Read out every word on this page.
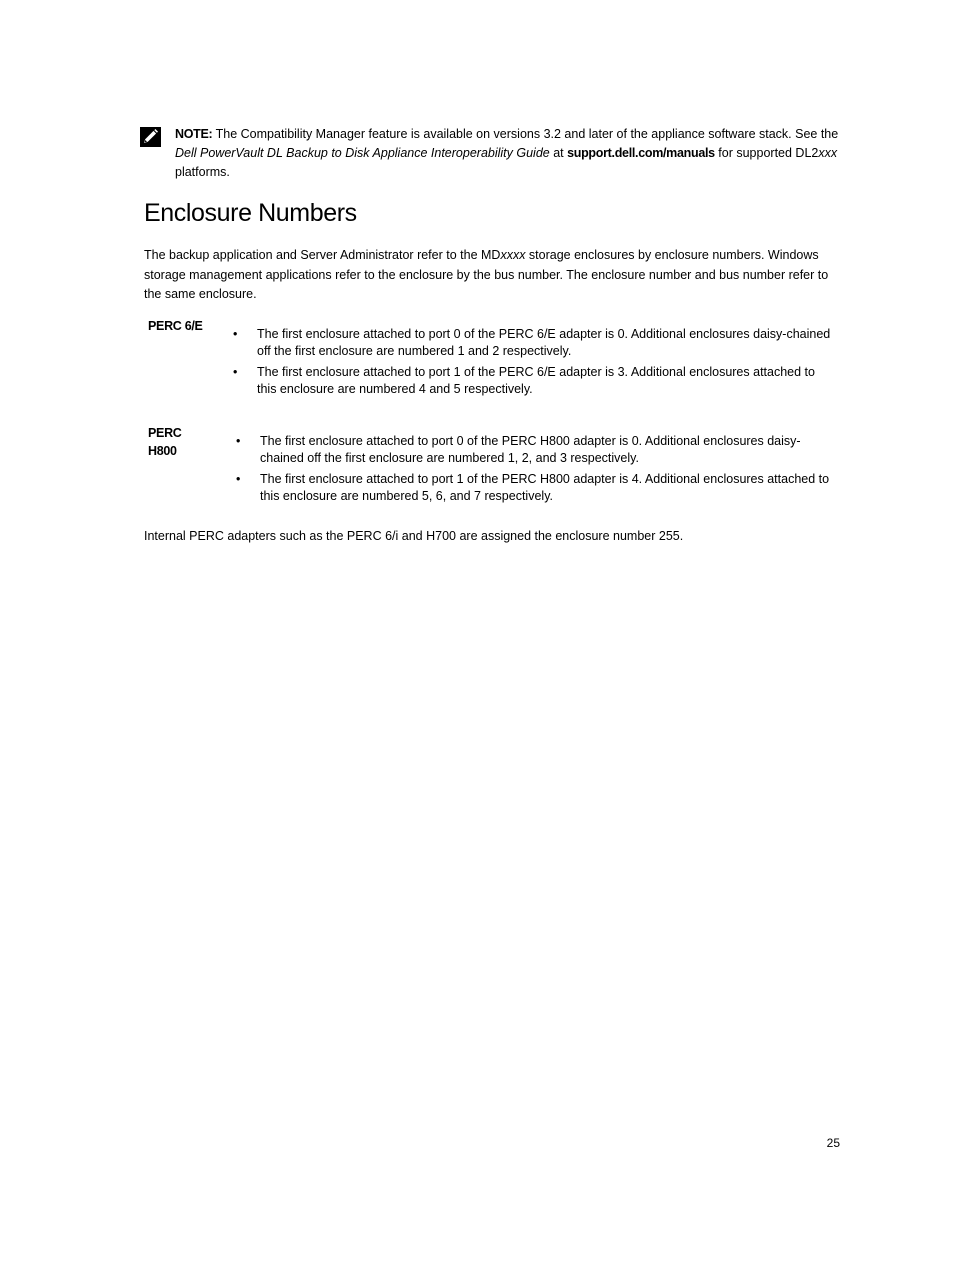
NOTE: The Compatibility Manager feature is available on versions 3.2 and later of the appliance software stack. See the Dell PowerVault DL Backup to Disk Appliance Interoperability Guide at support.dell.com/manuals for supported DL2xxx platforms.
Enclosure Numbers

The backup application and Server Administrator refer to the MDxxxx storage enclosures by enclosure numbers. Windows storage management applications refer to the enclosure by the bus number. The enclosure number and bus number refer to the same enclosure.

PERC 6/E
•	The first enclosure attached to port 0 of the PERC 6/E adapter is 0. Additional enclosures daisy-chained off the first enclosure are numbered 1 and 2 respectively.
•	The first enclosure attached to port 1 of the PERC 6/E adapter is 3. Additional enclosures attached to this enclosure are numbered 4 and 5 respectively.
PERC H800
•	The first enclosure attached to port 0 of the PERC H800 adapter is 0. Additional enclosures daisy-chained off the first enclosure are numbered 1, 2, and 3 respectively.
•	The first enclosure attached to port 1 of the PERC H800 adapter is 4. Additional enclosures attached to this enclosure are numbered 5, 6, and 7 respectively.

Internal PERC adapters such as the PERC 6/i and H700 are assigned the enclosure number 255.

25
